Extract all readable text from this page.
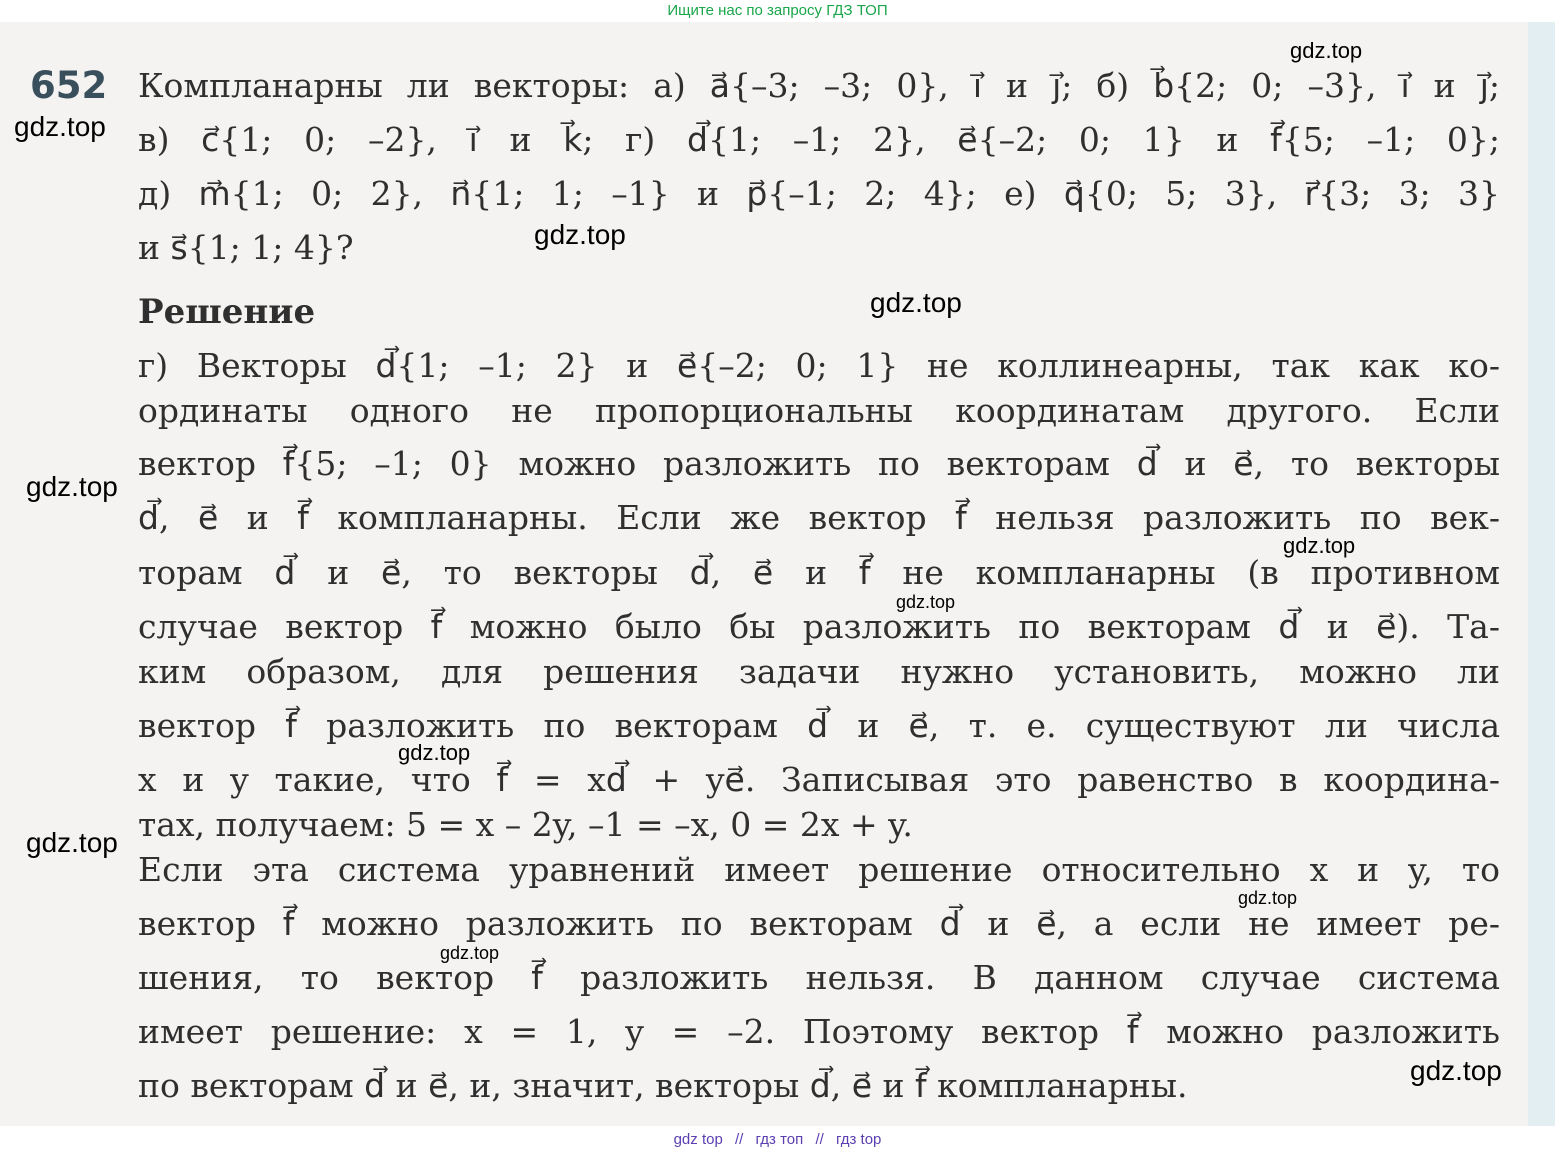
Ищите нас по запросу ГДЗ ТОП
652 Компланарны ли векторы: а) a⃗{–3; –3; 0}, i⃗ и j⃗; б) b⃗{2; 0; –3}, i⃗ и j⃗;
в) c⃗{1; 0; –2}, i⃗ и k⃗; г) d⃗{1; –1; 2}, e⃗{–2; 0; 1} и f⃗{5; –1; 0};
д) m⃗{1; 0; 2}, n⃗{1; 1; –1} и p⃗{–1; 2; 4}; е) q⃗{0; 5; 3}, r⃗{3; 3; 3}
и s⃗{1; 1; 4}?
Решение
г) Векторы d⃗{1; –1; 2} и e⃗{–2; 0; 1} не коллинеарны, так как ко-
ординаты одного не пропорциональны координатам другого. Если
вектор f⃗{5; –1; 0} можно разложить по векторам d⃗ и e⃗, то векторы
d⃗, e⃗ и f⃗ компланарны. Если же вектор f⃗ нельзя разложить по век-
торам d⃗ и e⃗, то векторы d⃗, e⃗ и f⃗ не компланарны (в противном
случае вектор f⃗ можно было бы разложить по векторам d⃗ и e⃗). Та-
ким образом, для решения задачи нужно установить, можно ли
вектор f⃗ разложить по векторам d⃗ и e⃗, т. е. существуют ли числа
x и y такие, что f⃗ = xd⃗ + ye⃗. Записывая это равенство в координа-
тах, получаем: 5 = x – 2y, –1 = –x, 0 = 2x + y.
Если эта система уравнений имеет решение относительно x и y, то
вектор f⃗ можно разложить по векторам d⃗ и e⃗, а если не имеет ре-
шения, то вектор f⃗ разложить нельзя. В данном случае система
имеет решение: x = 1, y = –2. Поэтому вектор f⃗ можно разложить
по векторам d⃗ и e⃗, и, значит, векторы d⃗, e⃗ и f⃗ компланарны.
gdz.top
gdz.top
gdz.top
gdz.top
gdz.top
gdz.top
gdz.top
gdz.top
gdz.top
gdz.top
gdz.top
gdz.top
gdz top // гдз топ // гдз top
